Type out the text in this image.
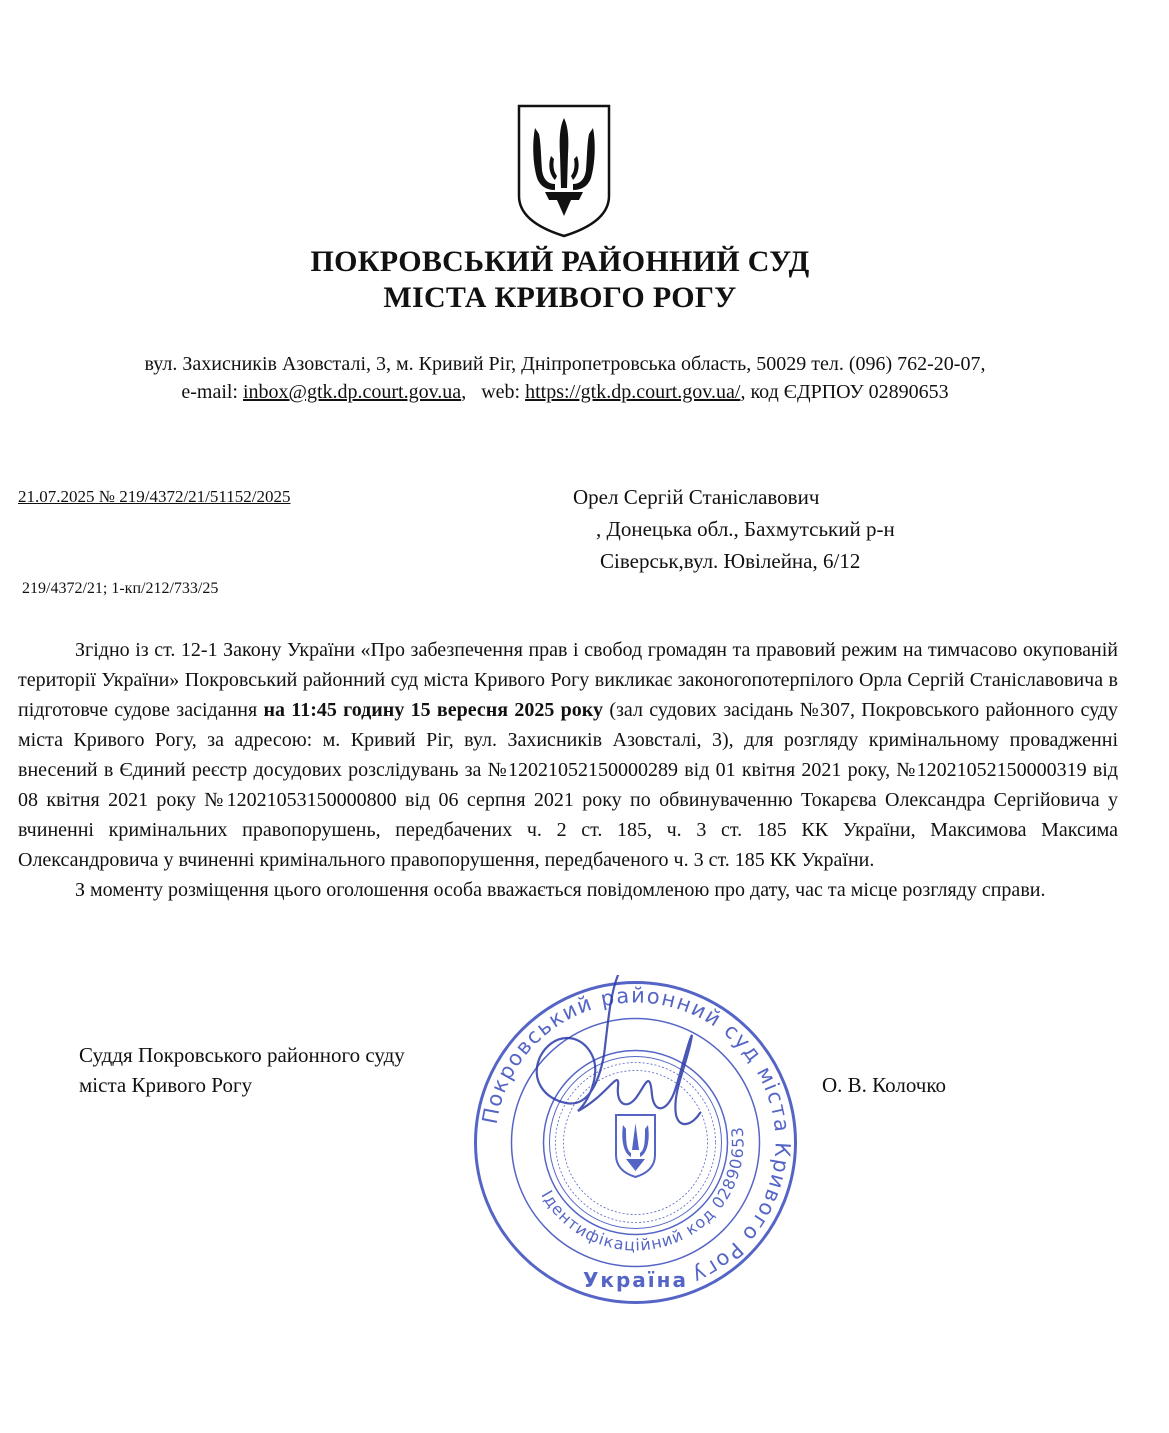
ПОКРОВСЬКИЙ РАЙОННИЙ СУД
МІСТА КРИВОГО РОГУ
вул. Захисників Азовсталі, 3, м. Кривий Ріг, Дніпропетровська область, 50029 тел. (096) 762-20-07,
e-mail: inbox@gtk.dp.court.gov.ua,   web: https://gtk.dp.court.gov.ua/, код ЄДРПОУ 02890653
21.07.2025 № 219/4372/21/51152/2025	Орел Сергій Станіславович
, Донецька обл., Бахмутський р-н
Сіверськ,вул. Ювілейна, 6/12
219/4372/21; 1-кп/212/733/25

Згідно із ст. 12-1 Закону України «Про забезпечення прав і свобод громадян та правовий режим на тимчасово окупованій території України» Покровський районний суд міста Кривого Рогу викликає законогопотерпілого Орла Сергій Станіславовича в підготовче судове засідання на 11:45 годину 15 вересня 2025 року (зал судових засідань №307, Покровського районного суду міста Кривого Рогу, за адресою: м. Кривий Ріг, вул. Захисників Азовсталі, 3), для розгляду кримінальному провадженні внесений в Єдиний реєстр досудових розслідувань за №12021052150000289 від 01 квітня 2021 року, №12021052150000319 від 08 квітня 2021 року №12021053150000800 від 06 серпня 2021 року по обвинуваченню Токарєва Олександра Сергійовича у вчиненні кримінальних правопорушень, передбачених ч. 2 ст. 185, ч. 3 ст. 185 КК України, Максимова Максима Олександровича у вчиненні кримінального правопорушення, передбаченого ч. 3 ст. 185 КК України.

З моменту розміщення цього оголошення особа вважається повідомленою про дату, час та місце розгляду справи.

Суддя Покровського районного суду
міста Кривого Рогу	О. В. Колочко
Покровський районний суд міста Кривого Рогу
Ідентифікаційний код 02890653
Україна
